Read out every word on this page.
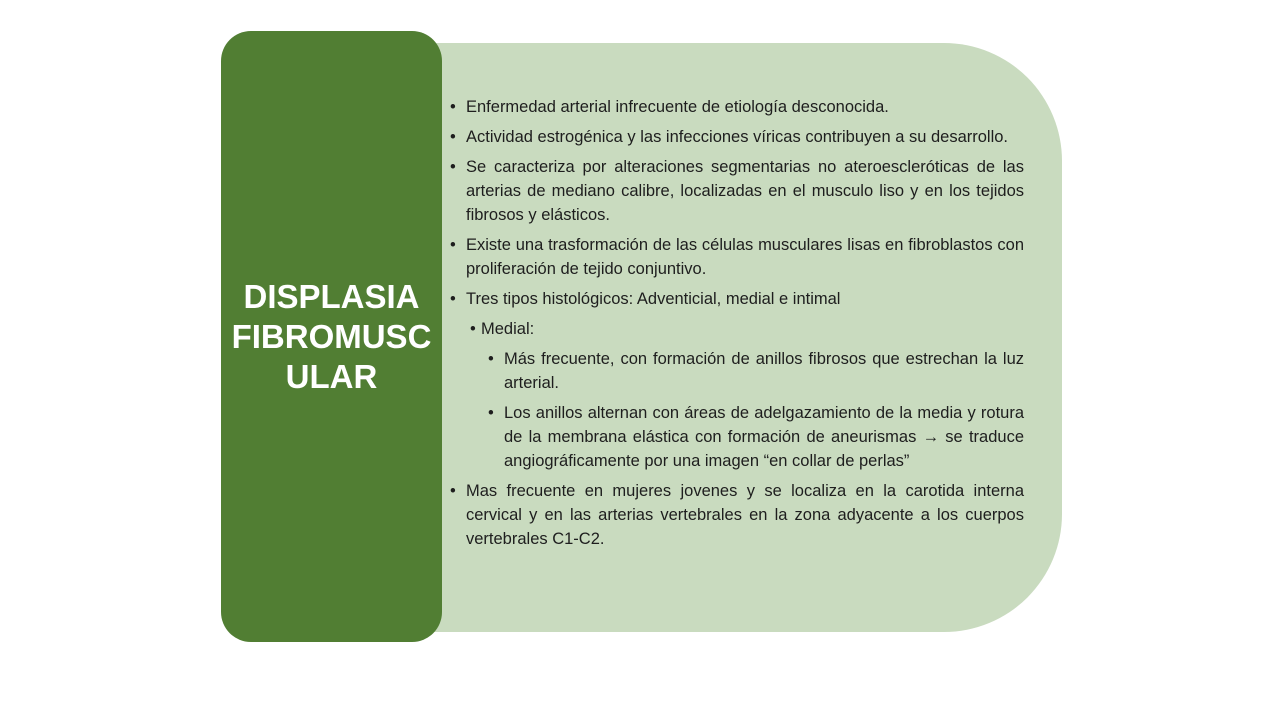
DISPLASIA FIBROMUSCULAR
• Enfermedad arterial infrecuente de etiología desconocida.
• Actividad estrogénica y las infecciones víricas contribuyen a su desarrollo.
• Se caracteriza por alteraciones segmentarias no ateroescleróticas de las arterias de mediano calibre, localizadas en el musculo liso y en los tejidos fibrosos y elásticos.
• Existe una trasformación de las células musculares lisas en fibroblastos con proliferación de tejido conjuntivo.
• Tres tipos histológicos: Adventicial, medial e intimal
• Medial:
• Más frecuente, con formación de anillos fibrosos que estrechan la luz arterial.
• Los anillos alternan con áreas de adelgazamiento de la media y rotura de la membrana elástica con formación de aneurismas → se traduce angiográficamente por una imagen “en collar de perlas”
• Mas frecuente en mujeres jovenes y se localiza en la carotida interna cervical y en las arterias vertebrales en la zona adyacente a los cuerpos vertebrales C1-C2.
